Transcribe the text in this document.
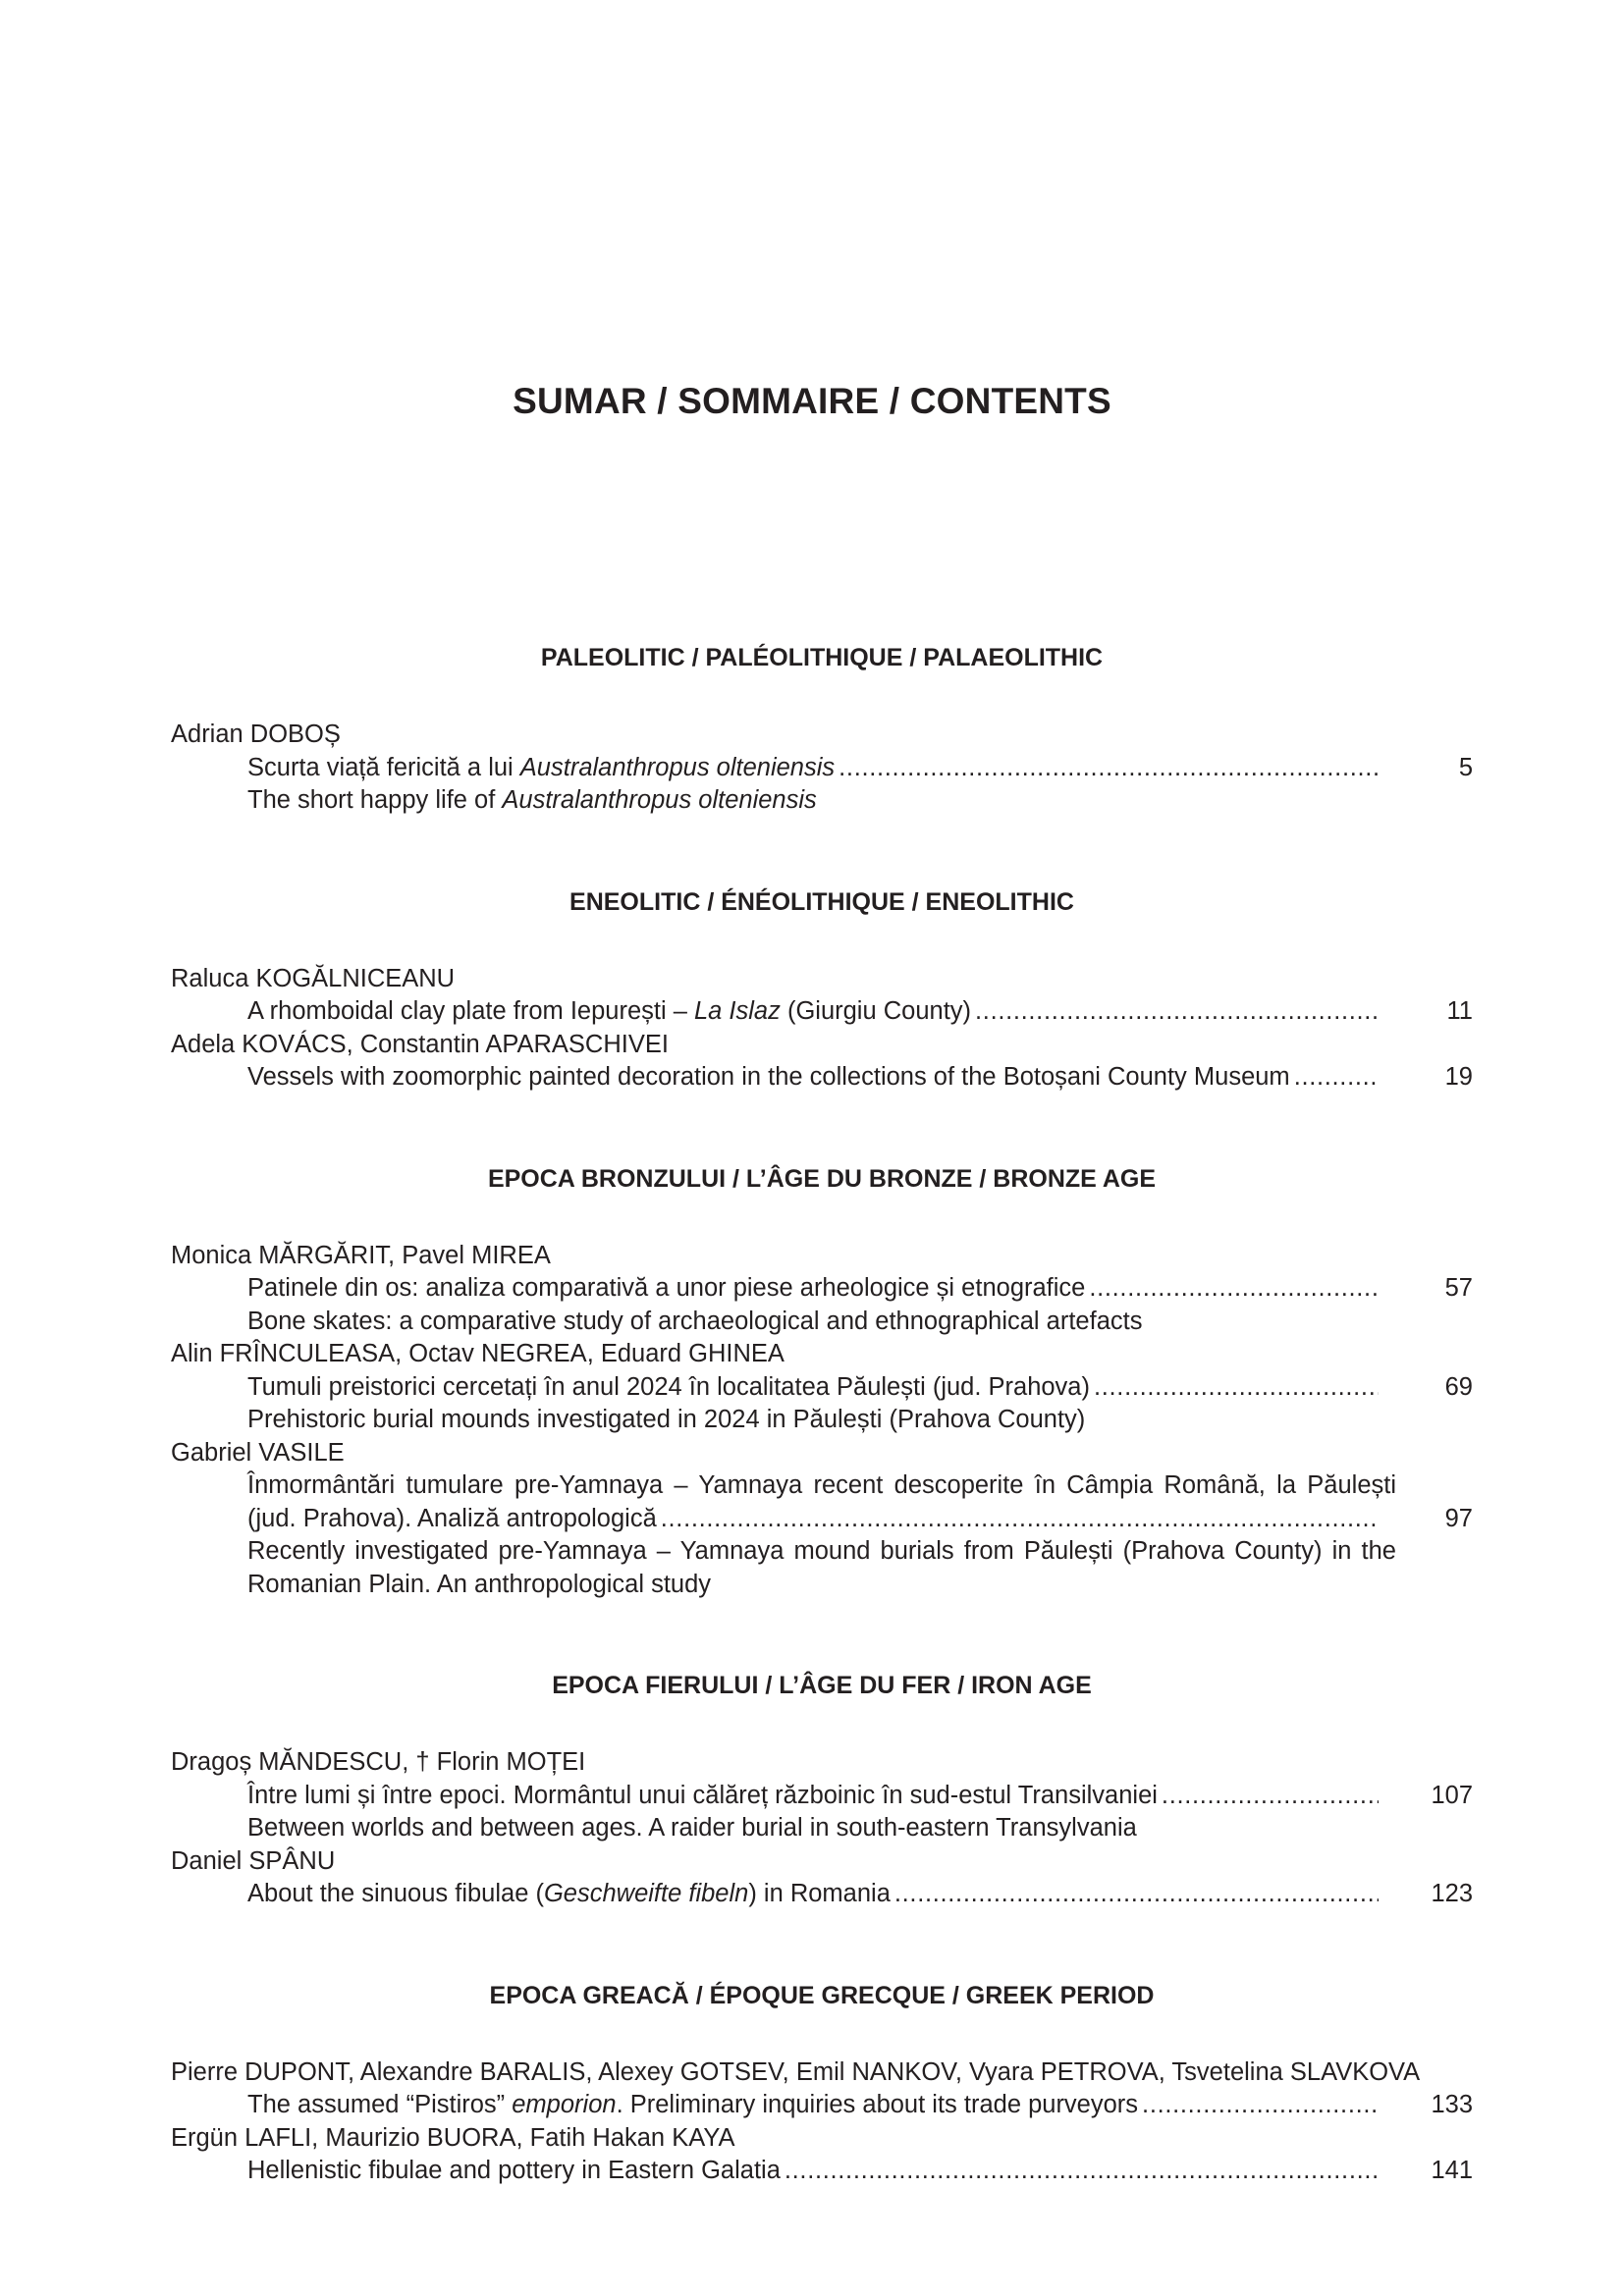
SUMAR / SOMMAIRE / CONTENTS
PALEOLITIC / PALÉOLITHIQUE / PALAEOLITHIC
Adrian DOBOȘ
Scurta viață fericită a lui Australanthropus olteniensis . . .	5
The short happy life of Australanthropus olteniensis
ENEOLITIC / ÉNÉOLITHIQUE / ENEOLITHIC
Raluca KOGĂLNICEANU
A rhomboidal clay plate from Iepurești – La Islaz (Giurgiu County) . . .	11
Adela KOVÁCS, Constantin APARASCHIVEI
Vessels with zoomorphic painted decoration in the collections of the Botoșani County Museum . . .	19
EPOCA BRONZULUI / L’ÂGE DU BRONZE / BRONZE AGE
Monica MĂRGĂRIT, Pavel MIREA
Patinele din os: analiza comparativă a unor piese arheologice și etnografice . . .	57
Bone skates: a comparative study of archaeological and ethnographical artefacts
Alin FRÎNCULEASA, Octav NEGREA, Eduard GHINEA
Tumuli preistorici cercetați în anul 2024 în localitatea Păulești (jud. Prahova) . . .	69
Prehistoric burial mounds investigated in 2024 in Păulești (Prahova County)
Gabriel VASILE
Înmormântări tumulare pre-Yamnaya – Yamnaya recent descoperite în Câmpia Română, la Păulești
(jud. Prahova). Analiză antropologică . . .	97
Recently investigated pre-Yamnaya – Yamnaya mound burials from Păulești (Prahova County) in the
Romanian Plain. An anthropological study
EPOCA FIERULUI / L’ÂGE DU FER / IRON AGE
Dragoș MĂNDESCU, † Florin MOȚEI
Între lumi și între epoci. Mormântul unui călăreț războinic în sud-estul Transilvaniei . . .	107
Between worlds and between ages. A raider burial in south-eastern Transylvania
Daniel SPÂNU
About the sinuous fibulae (Geschweifte fibeln) in Romania . . .	123
EPOCA GREACĂ / ÉPOQUE GRECQUE / GREEK PERIOD
Pierre DUPONT, Alexandre BARALIS, Alexey GOTSEV, Emil NANKOV, Vyara PETROVA, Tsvetelina SLAVKOVA
The assumed “Pistiros” emporion. Preliminary inquiries about its trade purveyors . . .	133
Ergün LAFLI, Maurizio BUORA, Fatih Hakan KAYA
Hellenistic fibulae and pottery in Eastern Galatia . . .	141
